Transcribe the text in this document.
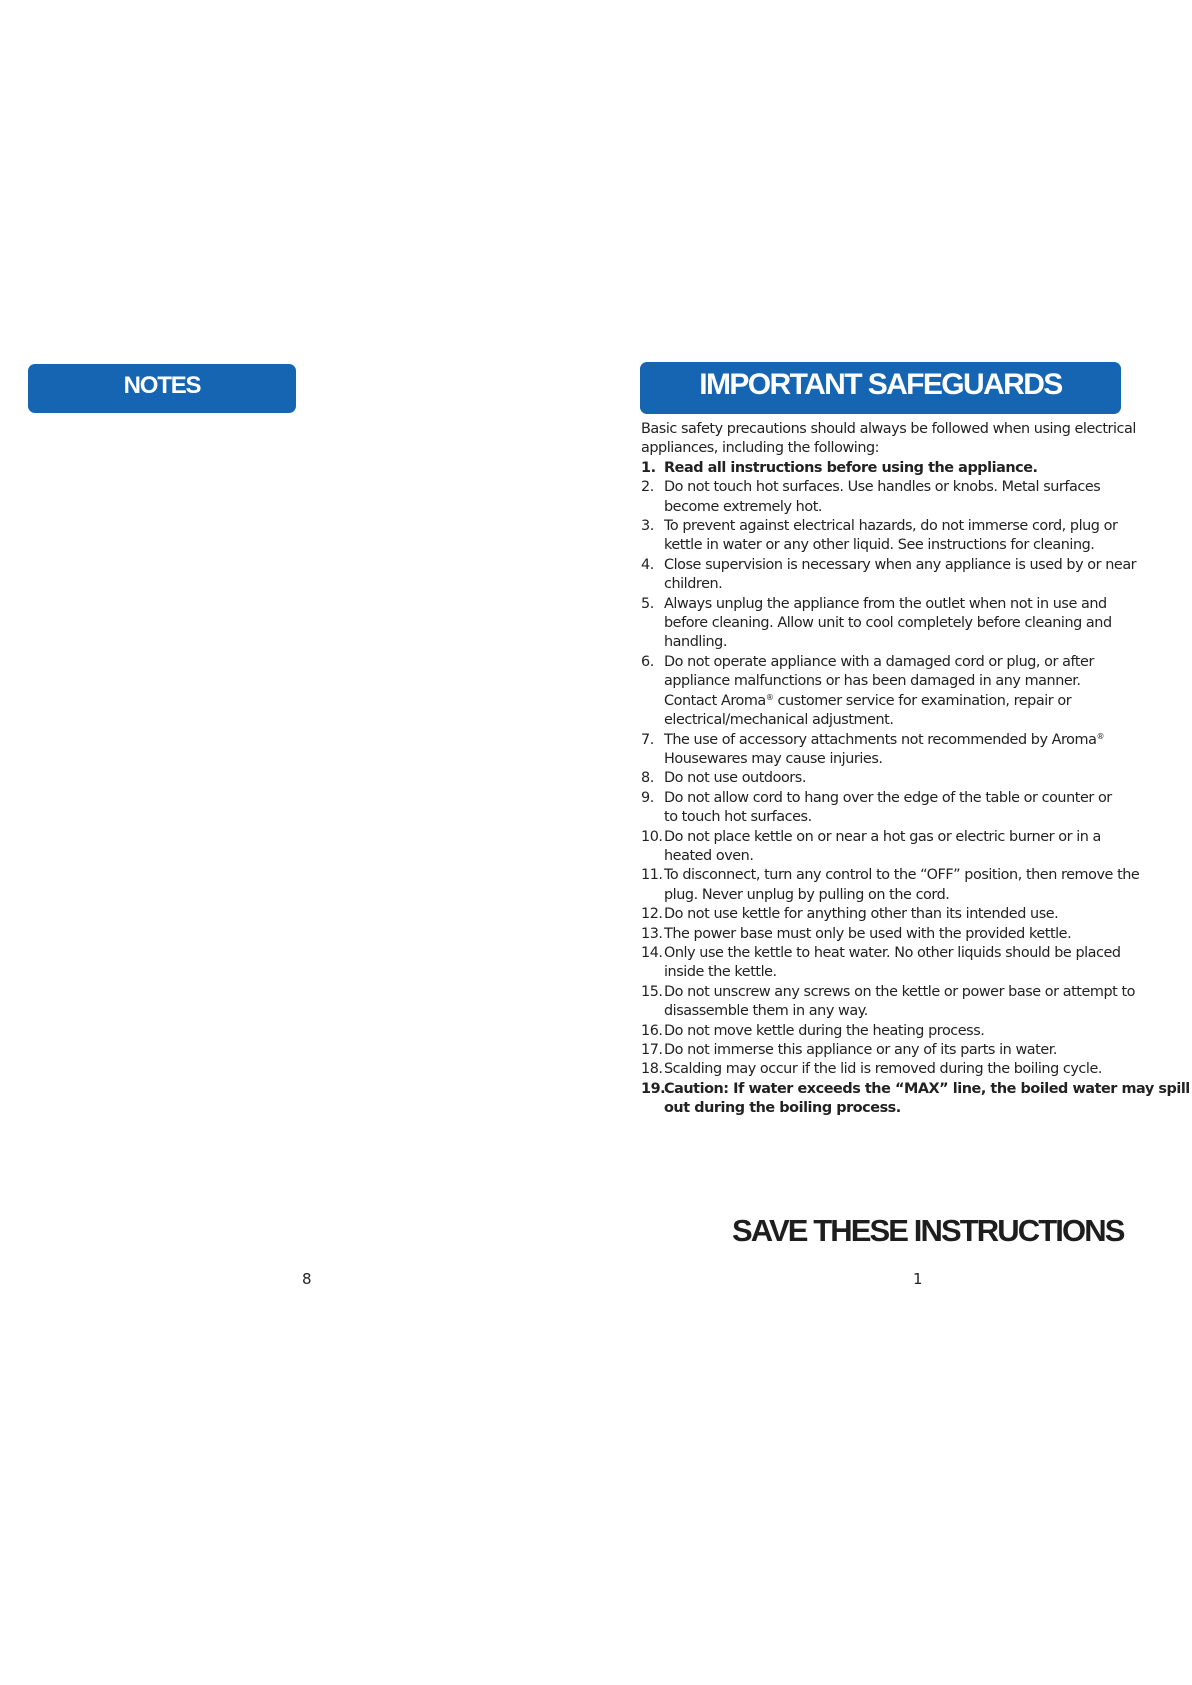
NOTES
8
IMPORTANT SAFEGUARDS

Basic safety precautions should always be followed when using electrical
appliances, including the following:

1. Read all instructions before using the appliance.
2. Do not touch hot surfaces. Use handles or knobs. Metal surfaces
become extremely hot.
3. To prevent against electrical hazards, do not immerse cord, plug or
kettle in water or any other liquid. See instructions for cleaning.
4. Close supervision is necessary when any appliance is used by or near
children.
5. Always unplug the appliance from the outlet when not in use and
before cleaning. Allow unit to cool completely before cleaning and
handling.
6. Do not operate appliance with a damaged cord or plug, or after
appliance malfunctions or has been damaged in any manner.
Contact Aroma® customer service for examination, repair or
electrical/mechanical adjustment.
7. The use of accessory attachments not recommended by Aroma®
Housewares may cause injuries.
8. Do not use outdoors.
9. Do not allow cord to hang over the edge of the table or counter or
to touch hot surfaces.
10. Do not place kettle on or near a hot gas or electric burner or in a
heated oven.
11. To disconnect, turn any control to the “OFF” position, then remove the
plug. Never unplug by pulling on the cord.
12. Do not use kettle for anything other than its intended use.
13. The power base must only be used with the provided kettle.
14. Only use the kettle to heat water. No other liquids should be placed
inside the kettle.
15. Do not unscrew any screws on the kettle or power base or attempt to
disassemble them in any way.
16. Do not move kettle during the heating process.
17. Do not immerse this appliance or any of its parts in water.
18. Scalding may occur if the lid is removed during the boiling cycle.
19.
Caution: If water exceeds the “MAX” line, the boiled water may spill
out during the boiling process.
SAVE THESE INSTRUCTIONS
1
